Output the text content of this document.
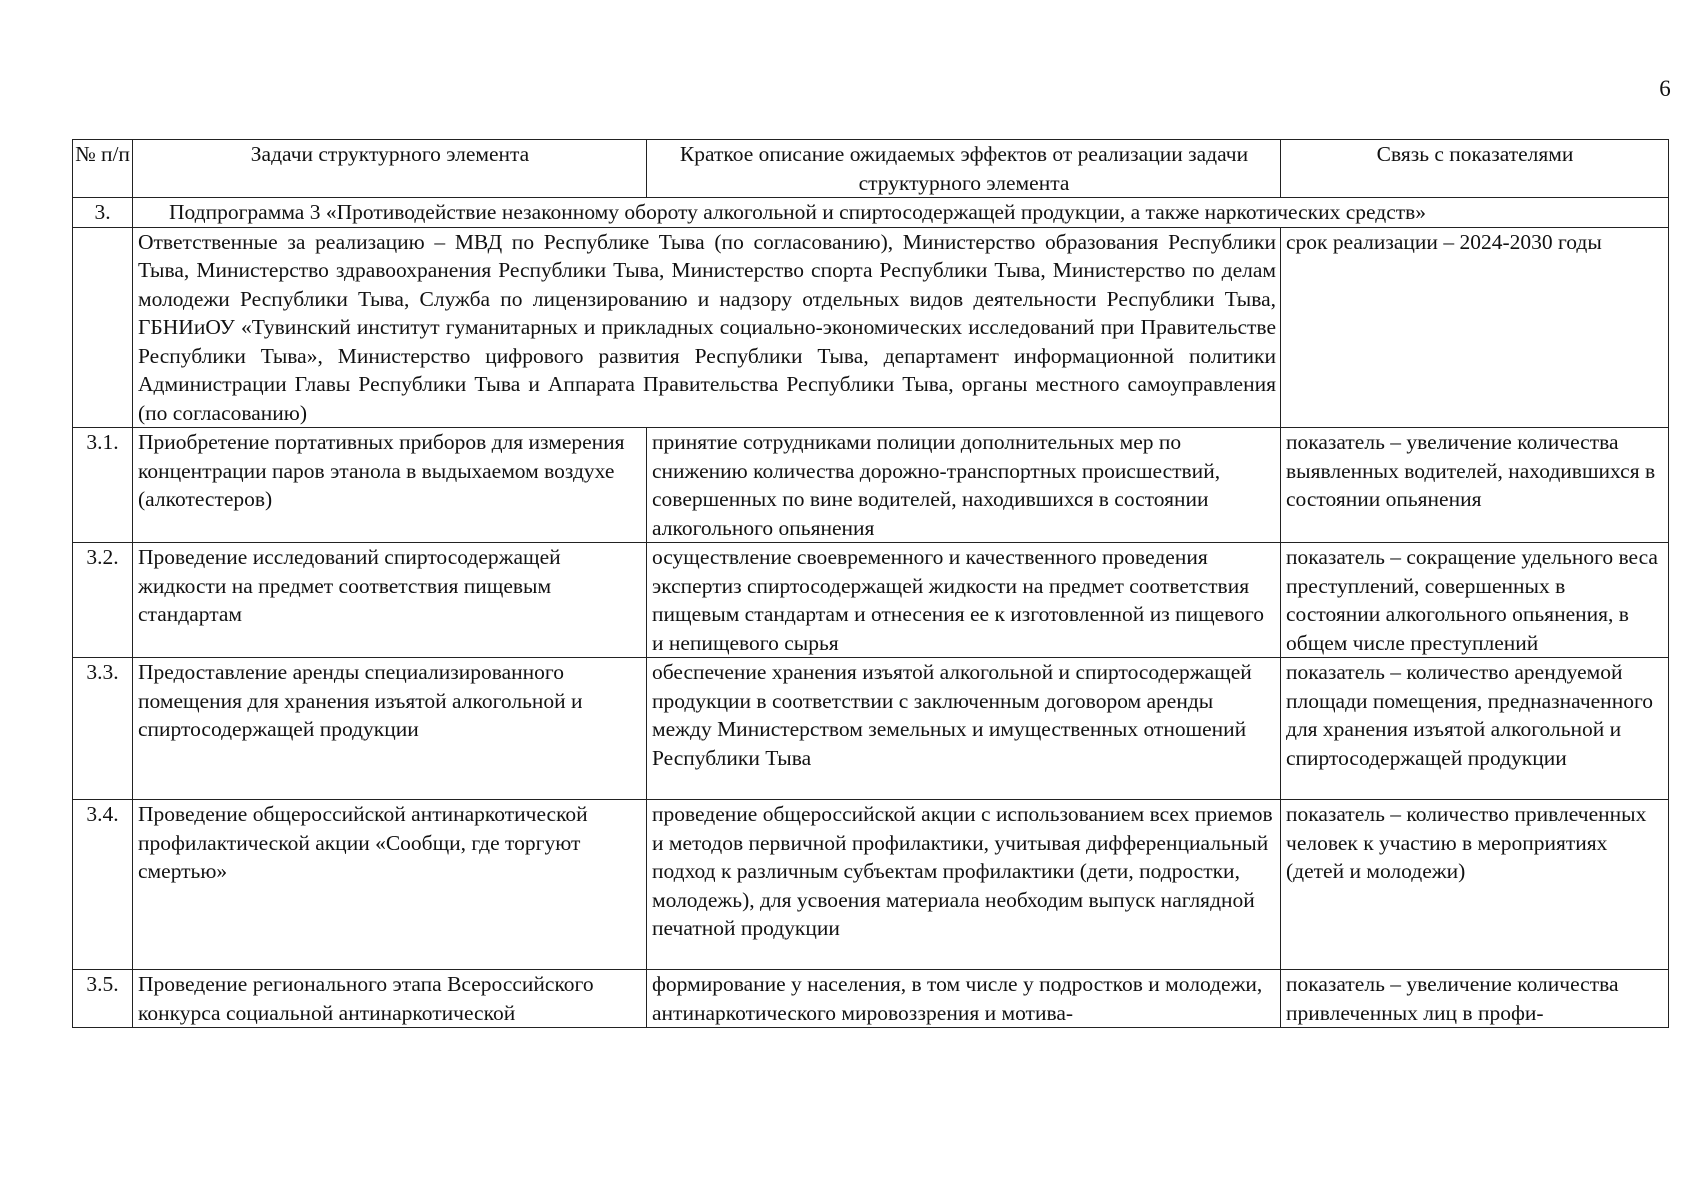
6
№ п/п	Задачи структурного элемента	Краткое описание ожидаемых эффектов от реализации задачи структурного элемента	Связь с показателями
3.	Подпрограмма 3 «Противодействие незаконному обороту алкогольной и спиртосодержащей продукции, а также наркотических средств»		
	Ответственные за реализацию – МВД по Республике Тыва (по согласованию), Министерство образования Республики Тыва, Министерство здравоохранения Республики Тыва, Министерство спорта Республики Тыва, Министерство по делам молодежи Республики Тыва, Служба по лицензированию и надзору отдельных видов деятельности Республики Тыва, ГБНИиОУ «Тувинский институт гуманитарных и прикладных социально-экономических исследований при Правительстве Республики Тыва», Министерство цифрового развития Республики Тыва, департамент информационной политики Администрации Главы Республики Тыва и Аппарата Правительства Республики Тыва, органы местного самоуправления (по согласованию)		срок реализации – 2024-2030 годы
3.1.	Приобретение портативных приборов для измерения концентрации паров этанола в выдыхаемом воздухе (алкотестеров)	принятие сотрудниками полиции дополнительных мер по снижению количества дорожно-транспортных происшествий, совершенных по вине водителей, находившихся в состоянии алкогольного опьянения	показатель – увеличение количества выявленных водителей, находившихся в состоянии опьянения
3.2.	Проведение исследований спиртосодержащей жидкости на предмет соответствия пищевым стандартам	осуществление своевременного и качественного проведения экспертиз спиртосодержащей жидкости на предмет соответствия пищевым стандартам и отнесения ее к изготовленной из пищевого и непищевого сырья	показатель – сокращение удельного веса преступлений, совершенных в состоянии алкогольного опьянения, в общем числе преступлений
3.3.	Предоставление аренды специализированного помещения для хранения изъятой алкогольной и спиртосодержащей продукции	обеспечение хранения изъятой алкогольной и спиртосодержащей продукции в соответствии с заключенным договором аренды между Министерством земельных и имущественных отношений Республики Тыва	показатель – количество арендуемой площади помещения, предназначенного для хранения изъятой алкогольной и спиртосодержащей продукции
3.4.	Проведение общероссийской антинаркотической профилактической акции «Сообщи, где торгуют смертью»	проведение общероссийской акции с использованием всех приемов и методов первичной профилактики, учитывая дифференциальный подход к различным субъектам профилактики (дети, подростки, молодежь), для усвоения материала необходим выпуск наглядной печатной продукции	показатель – количество привлеченных человек к участию в мероприятиях (детей и молодежи)
3.5.	Проведение регионального этапа Всероссийского конкурса социальной антинаркотической	формирование у населения, в том числе у подростков и молодежи, антинаркотического мировоззрения и мотива-	показатель – увеличение количества привлеченных лиц в профи-
